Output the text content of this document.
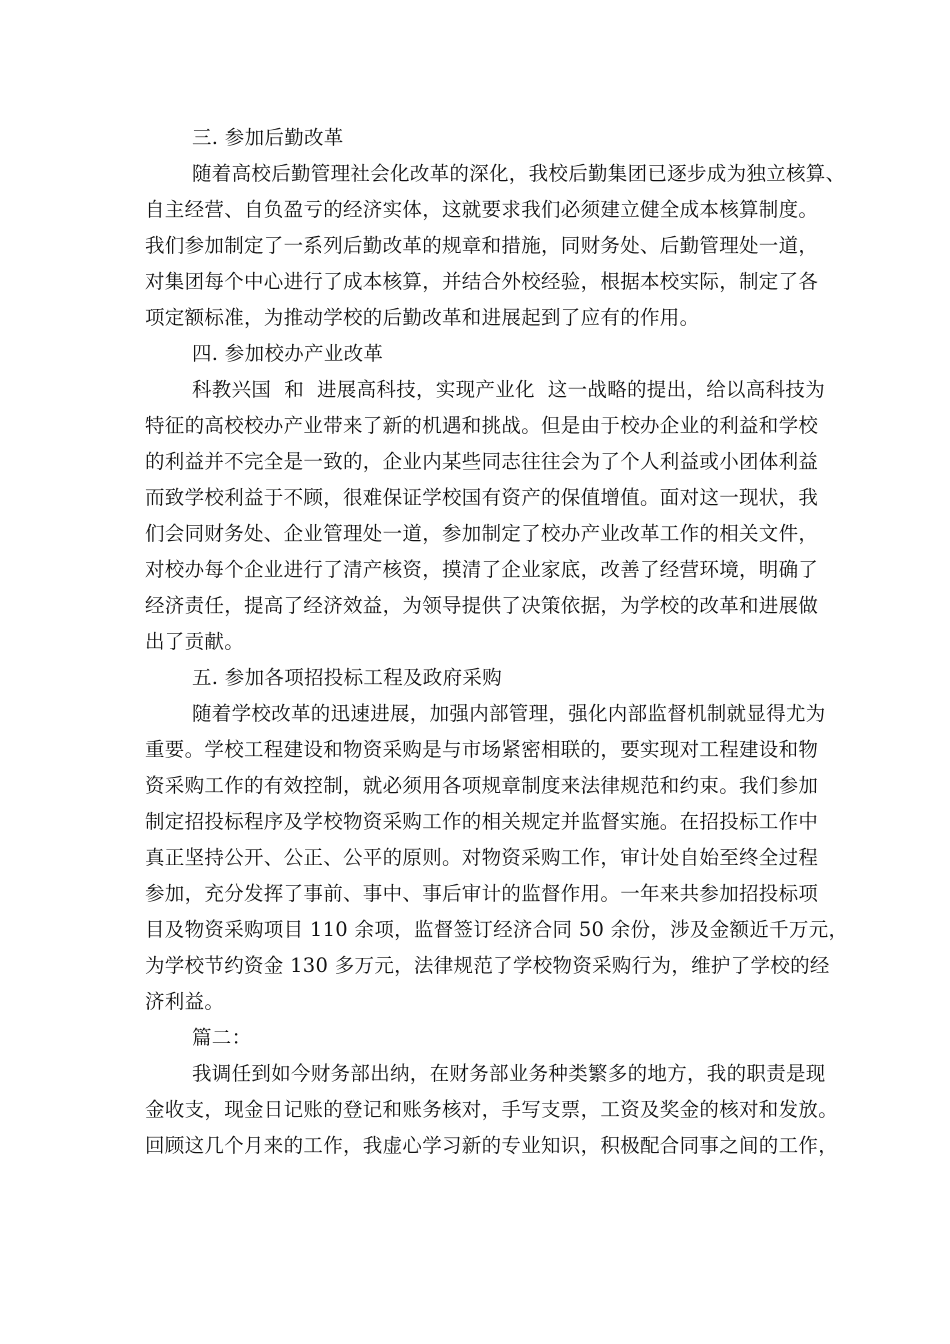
三. 参加后勤改革
随着高校后勤管理社会化改革的深化，我校后勤集团已逐步成为独立核算、
自主经营、自负盈亏的经济实体，这就要求我们必须建立健全成本核算制度。
我们参加制定了一系列后勤改革的规章和措施，同财务处、后勤管理处一道，
对集团每个中心进行了成本核算，并结合外校经验，根据本校实际，制定了各
项定额标准，为推动学校的后勤改革和进展起到了应有的作用。
四. 参加校办产业改革
科教兴国  和  进展高科技，实现产业化  这一战略的提出，给以高科技为
特征的高校校办产业带来了新的机遇和挑战。但是由于校办企业的利益和学校
的利益并不完全是一致的，企业内某些同志往往会为了个人利益或小团体利益
而致学校利益于不顾，很难保证学校国有资产的保值增值。面对这一现状，我
们会同财务处、企业管理处一道，参加制定了校办产业改革工作的相关文件，
对校办每个企业进行了清产核资，摸清了企业家底，改善了经营环境，明确了
经济责任，提高了经济效益，为领导提供了决策依据，为学校的改革和进展做
出了贡献。
五. 参加各项招投标工程及政府采购
随着学校改革的迅速进展，加强内部管理，强化内部监督机制就显得尤为
重要。学校工程建设和物资采购是与市场紧密相联的，要实现对工程建设和物
资采购工作的有效控制，就必须用各项规章制度来法律规范和约束。我们参加
制定招投标程序及学校物资采购工作的相关规定并监督实施。在招投标工作中
真正坚持公开、公正、公平的原则。对物资采购工作，审计处自始至终全过程
参加，充分发挥了事前、事中、事后审计的监督作用。一年来共参加招投标项
目及物资采购项目 110 余项，监督签订经济合同 50 余份，涉及金额近千万元，
为学校节约资金 130 多万元，法律规范了学校物资采购行为，维护了学校的经
济利益。
篇二：
我调任到如今财务部出纳，在财务部业务种类繁多的地方，我的职责是现
金收支，现金日记账的登记和账务核对，手写支票，工资及奖金的核对和发放。
回顾这几个月来的工作，我虚心学习新的专业知识，积极配合同事之间的工作，
